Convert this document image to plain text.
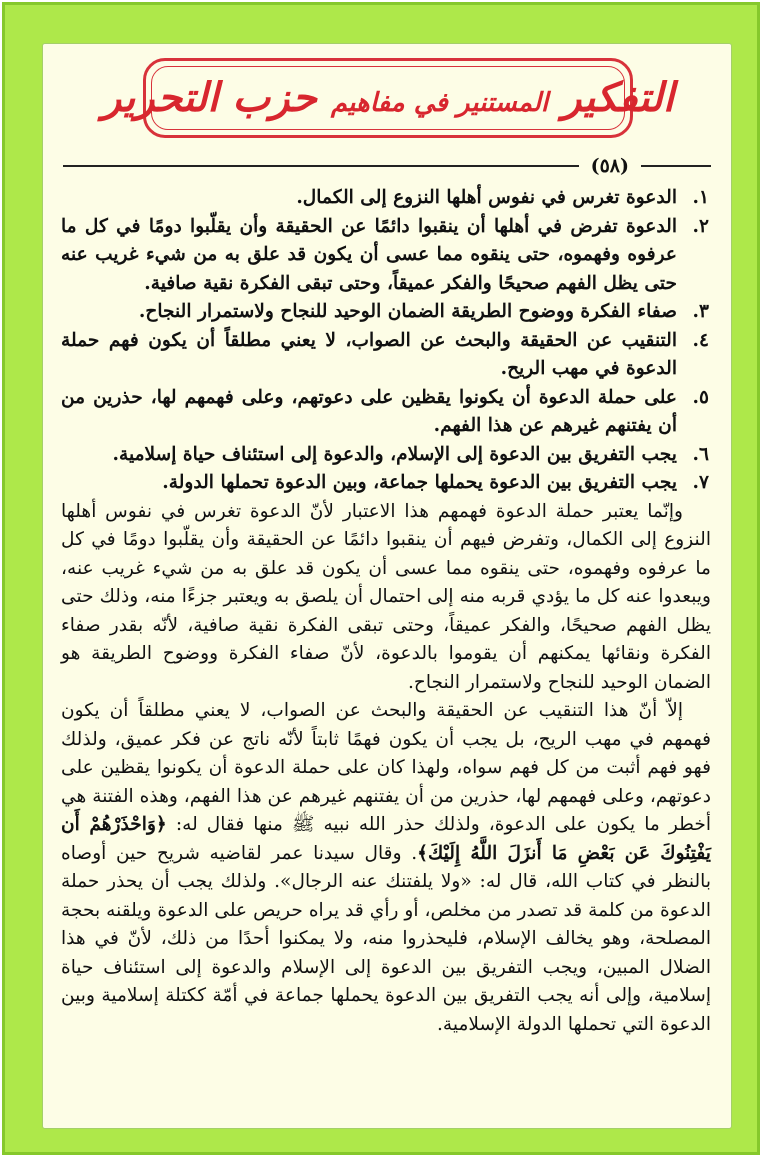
التفكير المستنير في مفاهيم حزب التحرير
(٥٨)
١.
الدعوة تغرس في نفوس أهلها النزوع إلى الكمال.
٢.
الدعوة تفرض في أهلها أن ينقبوا دائمًا عن الحقيقة وأن يقلّبوا دومًا في كل ما عرفوه وفهموه، حتى ينقوه مما عسى أن يكون قد علق به من شيء غريب عنه حتى يظل الفهم صحيحًا والفكر عميقاً، وحتى تبقى الفكرة نقية صافية.
٣.
صفاء الفكرة ووضوح الطريقة الضمان الوحيد للنجاح ولاستمرار النجاح.
٤.
التنقيب عن الحقيقة والبحث عن الصواب، لا يعني مطلقاً أن يكون فهم حملة الدعوة في مهب الريح.
٥.
على حملة الدعوة أن يكونوا يقظين على دعوتهم، وعلى فهمهم لها، حذرين من أن يفتنهم غيرهم عن هذا الفهم.
٦.
يجب التفريق بين الدعوة إلى الإسلام، والدعوة إلى استئناف حياة إسلامية.
٧.
يجب التفريق بين الدعوة يحملها جماعة، وبين الدعوة تحملها الدولة.

وإنّما يعتبر حملة الدعوة فهمهم هذا الاعتبار لأنّ الدعوة تغرس في نفوس أهلها النزوع إلى الكمال، وتفرض فيهم أن ينقبوا دائمًا عن الحقيقة وأن يقلّبوا دومًا في كل ما عرفوه وفهموه، حتى ينقوه مما عسى أن يكون قد علق به من شيء غريب عنه، ويبعدوا عنه كل ما يؤدي قربه منه إلى احتمال أن يلصق به ويعتبر جزءًا منه، وذلك حتى يظل الفهم صحيحًا، والفكر عميقاً، وحتى تبقى الفكرة نقية صافية، لأنّه بقدر صفاء الفكرة ونقائها يمكنهم أن يقوموا بالدعوة، لأنّ صفاء الفكرة ووضوح الطريقة هو الضمان الوحيد للنجاح ولاستمرار النجاح.

إلاّ أنّ هذا التنقيب عن الحقيقة والبحث عن الصواب، لا يعني مطلقاً أن يكون فهمهم في مهب الريح، بل يجب أن يكون فهمًا ثابتاً لأنّه ناتج عن فكر عميق، ولذلك فهو فهم أثبت من كل فهم سواه، ولهذا كان على حملة الدعوة أن يكونوا يقظين على دعوتهم، وعلى فهمهم لها، حذرين من أن يفتنهم غيرهم عن هذا الفهم، وهذه الفتنة هي أخطر ما يكون على الدعوة، ولذلك حذر الله نبيه ﷺ منها فقال له: ﴿وَاحْذَرْهُمْ أَن يَفْتِنُوكَ عَن بَعْضِ مَا أَنزَلَ اللَّهُ إِلَيْكَ﴾. وقال سيدنا عمر لقاضيه شريح حين أوصاه بالنظر في كتاب الله، قال له: «ولا يلفتنك عنه الرجال». ولذلك يجب أن يحذر حملة الدعوة من كلمة قد تصدر من مخلص، أو رأي قد يراه حريص على الدعوة ويلقنه بحجة المصلحة، وهو يخالف الإسلام، فليحذروا منه، ولا يمكنوا أحدًا من ذلك، لأنّ في هذا الضلال المبين، ويجب التفريق بين الدعوة إلى الإسلام والدعوة إلى استئناف حياة إسلامية، وإلى أنه يجب التفريق بين الدعوة يحملها جماعة في أمّة ككتلة إسلامية وبين الدعوة التي تحملها الدولة الإسلامية.
